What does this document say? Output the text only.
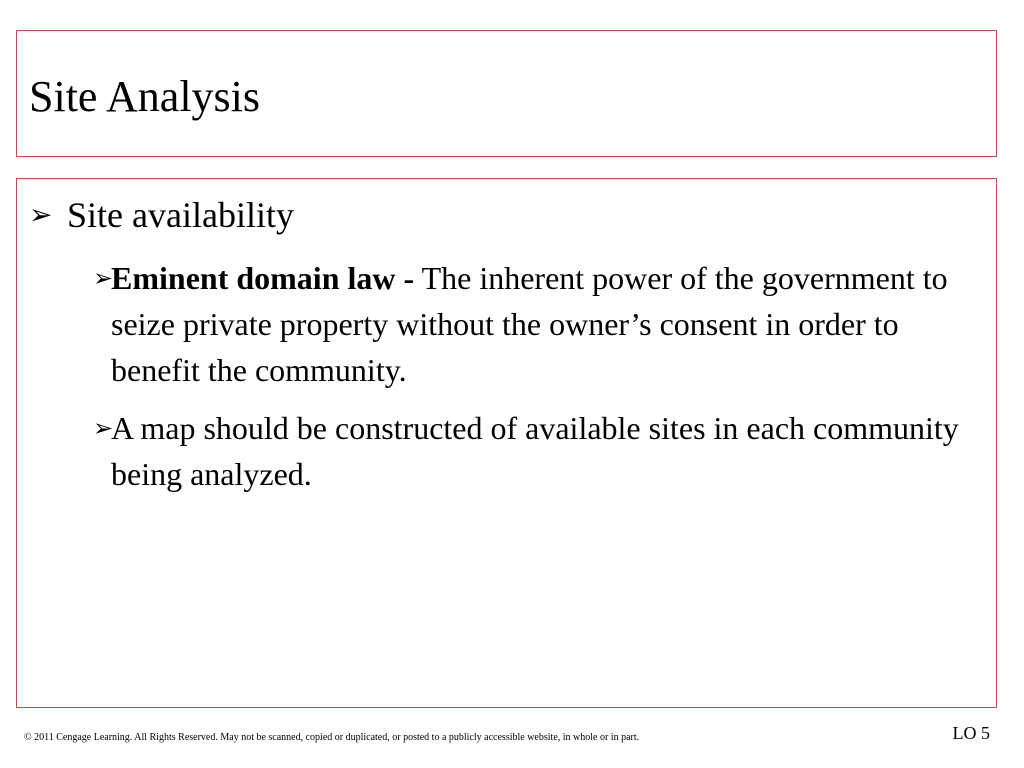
Site Analysis
➢ Site availability
➢
Eminent domain law - The inherent power of the government to seize private property without the owner’s consent in order to benefit the community.
➢
A map should be constructed of available sites in each community being analyzed.
© 2011 Cengage Learning. All Rights Reserved. May not be scanned, copied or duplicated, or posted to a publicly accessible website, in whole or in part.	LO 5
